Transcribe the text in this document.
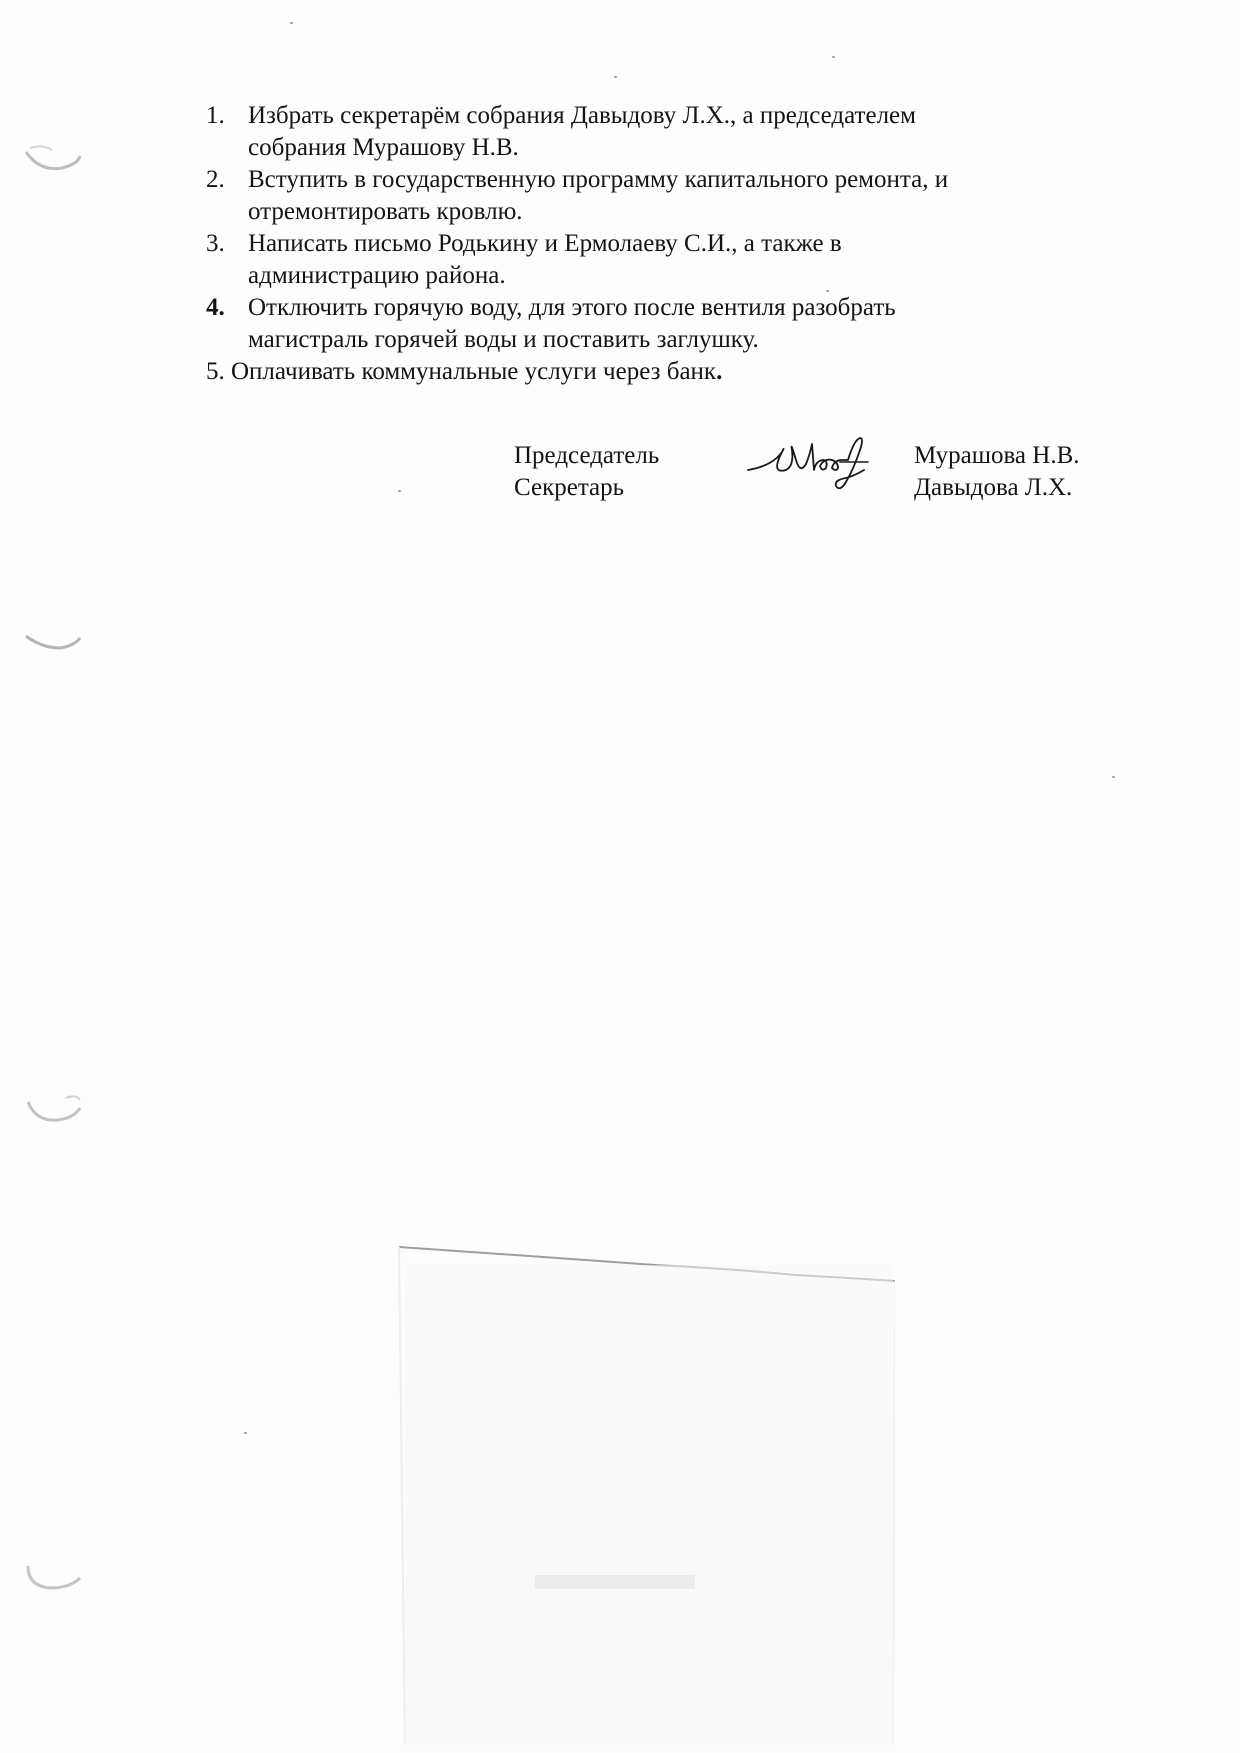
1. Избрать секретарём собрания Давыдову Л.Х., а председателем
собрания Мурашову Н.В.
2. Вступить в государственную программу капитального ремонта, и
отремонтировать кровлю.
3. Написать письмо Родькину и Ермолаеву С.И., а также в
администрацию района.
4. Отключить горячую воду, для этого после вентиля разобрать
магистраль горячей воды и поставить заглушку.
5. Оплачивать коммунальные услуги через банк.
Председатель
Секретарь
Мурашова Н.В.
Давыдова Л.Х.
